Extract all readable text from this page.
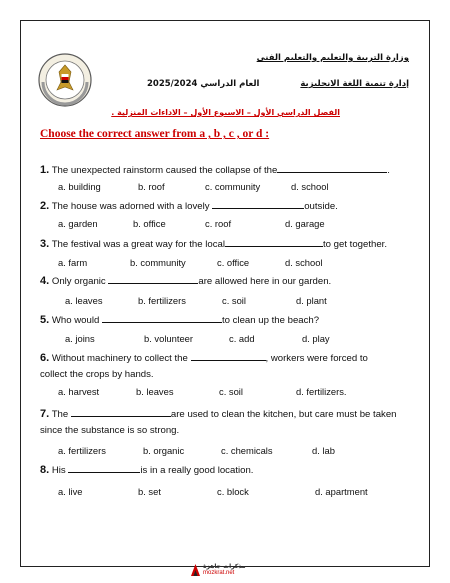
وزارة التربية والتعليم والتعليم الفنى
إدارة تنمية اللغة الانجليزية
العام الدراسي 2025/2024
الفصل الدراسي الأول – الاسبوع الأول – الاداءات المنزلية .
Choose the correct answer from a , b , c , or d :
1. The unexpected rainstorm caused the collapse of the	.
a. building	b. roof	c. community	d. school
2. The house was adorned with a lovely	outside.
a. garden	b. office	c. roof	d. garage
3. The festival was a great way for the local	to get together.
a. farm	b. community	c. office	d. school
4. Only organic	are allowed here in our garden.
a. leaves	b. fertilizers	c. soil	d. plant
5. Who would	to clean up the beach?
a. joins	b. volunteer	c. add	d. play
6. Without machinery to collect the	, workers were forced to
collect the crops by hands.
a. harvest	b. leaves	c. soil	d. fertilizers.
7. The	are used to clean the kitchen, but care must be taken
since the substance is so strong.
a. fertilizers	b. organic	c. chemicals	d. lab
8. His	is in a really good location.
a. live	b. set	c. block	d. apartment
مذكرات جاهزة
mozkrat.net
